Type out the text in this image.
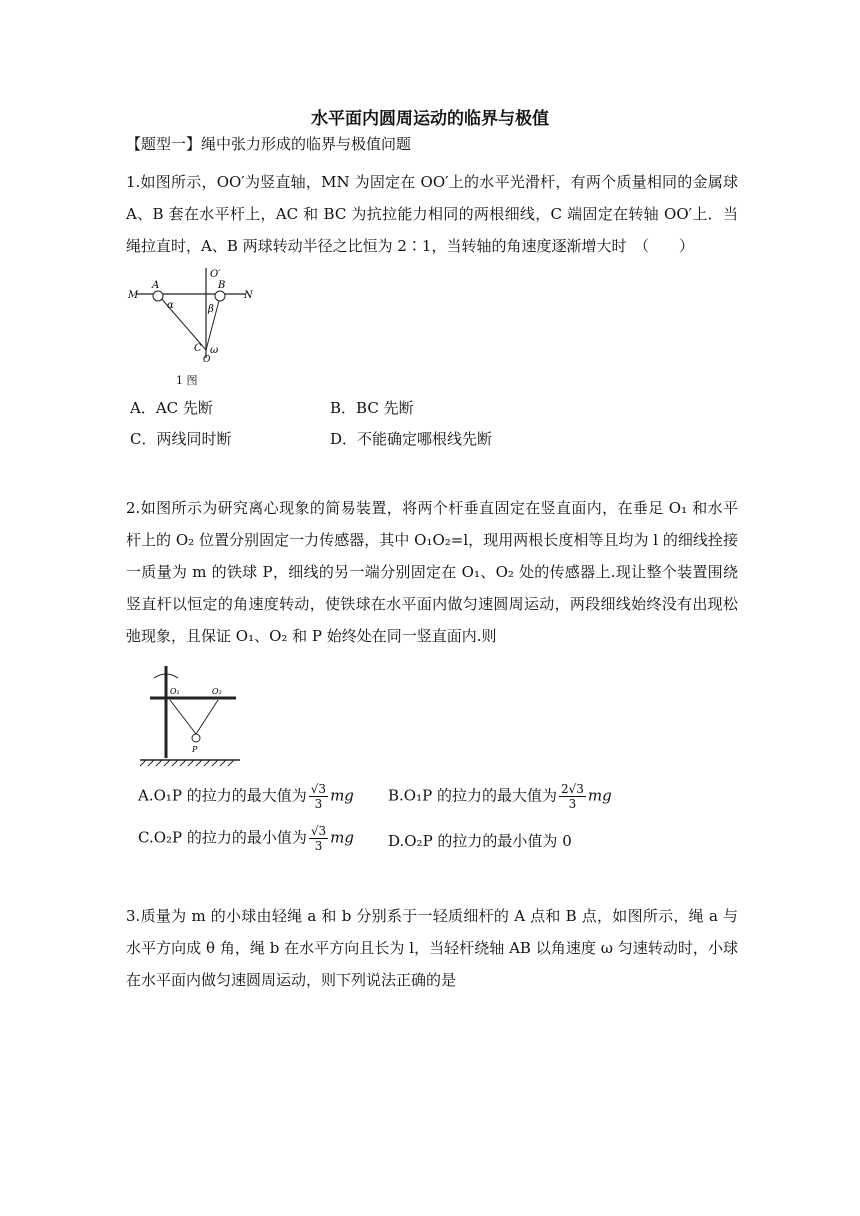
水平面内圆周运动的临界与极值
【题型一】绳中张力形成的临界与极值问题
1.如图所示，OO′为竖直轴，MN 为固定在 OO′上的水平光滑杆，有两个质量相同的金属球 A、B 套在水平杆上，AC 和 BC 为抗拉能力相同的两根细线，C 端固定在转轴 OO′上．当绳拉直时，A、B 两球转动半径之比恒为 2∶1，当转轴的角速度逐渐增大时　（　　）
O′
M	N
A	B
α	β
C ω
O
1 图
A．AC 先断	B．BC 先断
C．两线同时断	D．不能确定哪根线先断
2.如图所示为研究离心现象的简易装置，将两个杆垂直固定在竖直面内，在垂足 O₁ 和水平杆上的 O₂ 位置分别固定一力传感器，其中 O₁O₂=l，现用两根长度相等且均为 l 的细线拴接一质量为 m 的铁球 P，细线的另一端分别固定在 O₁、O₂ 处的传感器上.现让整个装置围绕竖直杆以恒定的角速度转动，使铁球在水平面内做匀速圆周运动，两段细线始终没有出现松弛现象，且保证 O₁、O₂ 和 P 始终处在同一竖直面内.则
O₁	O₂
P
A.O₁P 的拉力的最大值为 $\frac{√3}{3}$ mg B.O₁P 的拉力的最大值为 $\frac{2√3}{3}$ mg
C.O₂P 的拉力的最小值为 $\frac{√3}{3}$ mg D.O₂P 的拉力的最小值为 0
3.质量为 m 的小球由轻绳 a 和 b 分别系于一轻质细杆的 A 点和 B 点，如图所示，绳 a 与水平方向成 θ 角，绳 b 在水平方向且长为 l，当轻杆绕轴 AB 以角速度 ω 匀速转动时，小球在水平面内做匀速圆周运动，则下列说法正确的是
